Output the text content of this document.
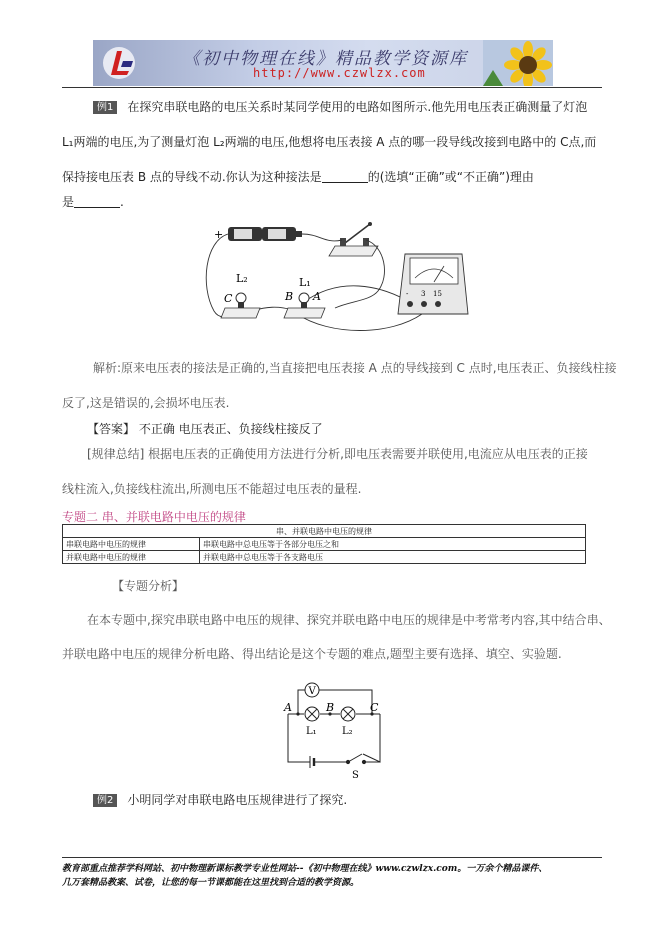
《初中物理在线》精品教学资源库
http://www.czwlzx.com
例1 在探究串联电路的电压关系时某同学使用的电路如图所示.他先用电压表正确测量了灯泡
L₁两端的电压,为了测量灯泡 L₂两端的电压,他想将电压表接 A 点的哪一段导线改接到电路中的 C点,而
保持接电压表 B 点的导线不动.你认为这种接法是	的(选填“正确”或“不正确”)理由
是	.
+
L₂	L₁
C	B A	- 3 15
解析:原来电压表的接法是正确的,当直接把电压表接 A 点的导线接到 C 点时,电压表正、负接线柱接
反了,这是错误的,会损坏电压表.
【答案】 不正确 电压表正、负接线柱接反了
[规律总结] 根据电压表的正确使用方法进行分析,即电压表需要并联使用,电流应从电压表的正接
线柱流入,负接线柱流出,所测电压不能超过电压表的量程.
专题二 串、并联电路中电压的规律
串、并联电路中电压的规律	
串联电路中电压的规律	串联电路中总电压等于各部分电压之和
并联电路中电压的规律	并联电路中总电压等于各支路电压
【专题分析】
在本专题中,探究串联电路中电压的规律、探究并联电路中电压的规律是中考常考内容,其中结合串、
并联电路中电压的规律分析电路、得出结论是这个专题的难点,题型主要有选择、填空、实验题.
V
A	B	C
L₁	L₂
S
例2 小明同学对串联电路电压规律进行了探究.
教育部重点推荐学科网站、初中物理新课标教学专业性网站--《初中物理在线》www.czwlzx.com。一万余个精品课件、
几万套精品教案、试卷，让您的每一节课都能在这里找到合适的教学资源。
